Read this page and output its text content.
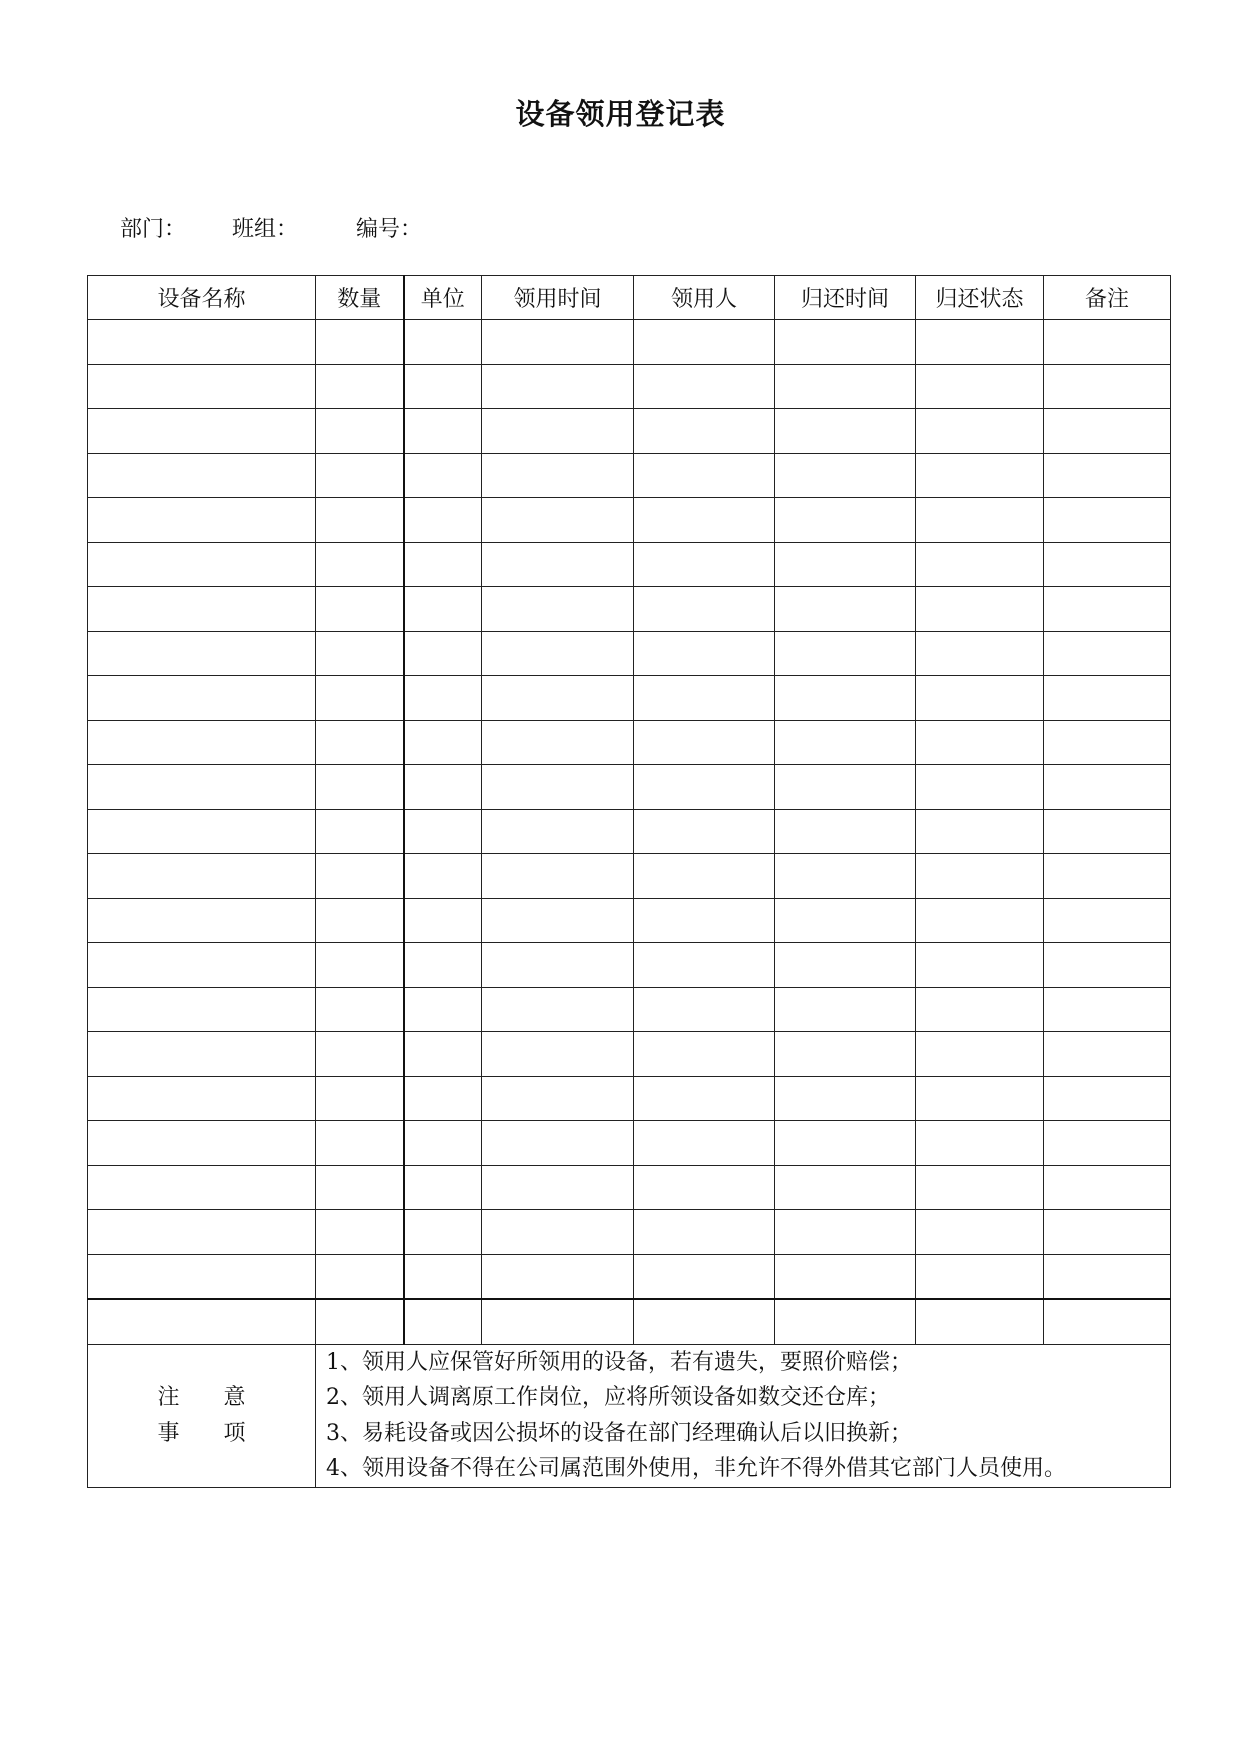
设备领用登记表
部门： 班组：	编号：
设备名称	数量	单位	领用时间	领用人	归还时间	归还状态	备注

注　　意
事　　项	1、领用人应保管好所领用的设备，若有遗失，要照价赔偿；
2、领用人调离原工作岗位，应将所领设备如数交还仓库；
3、易耗设备或因公损坏的设备在部门经理确认后以旧换新；
4、领用设备不得在公司属范围外使用，非允许不得外借其它部门人员使用。						
